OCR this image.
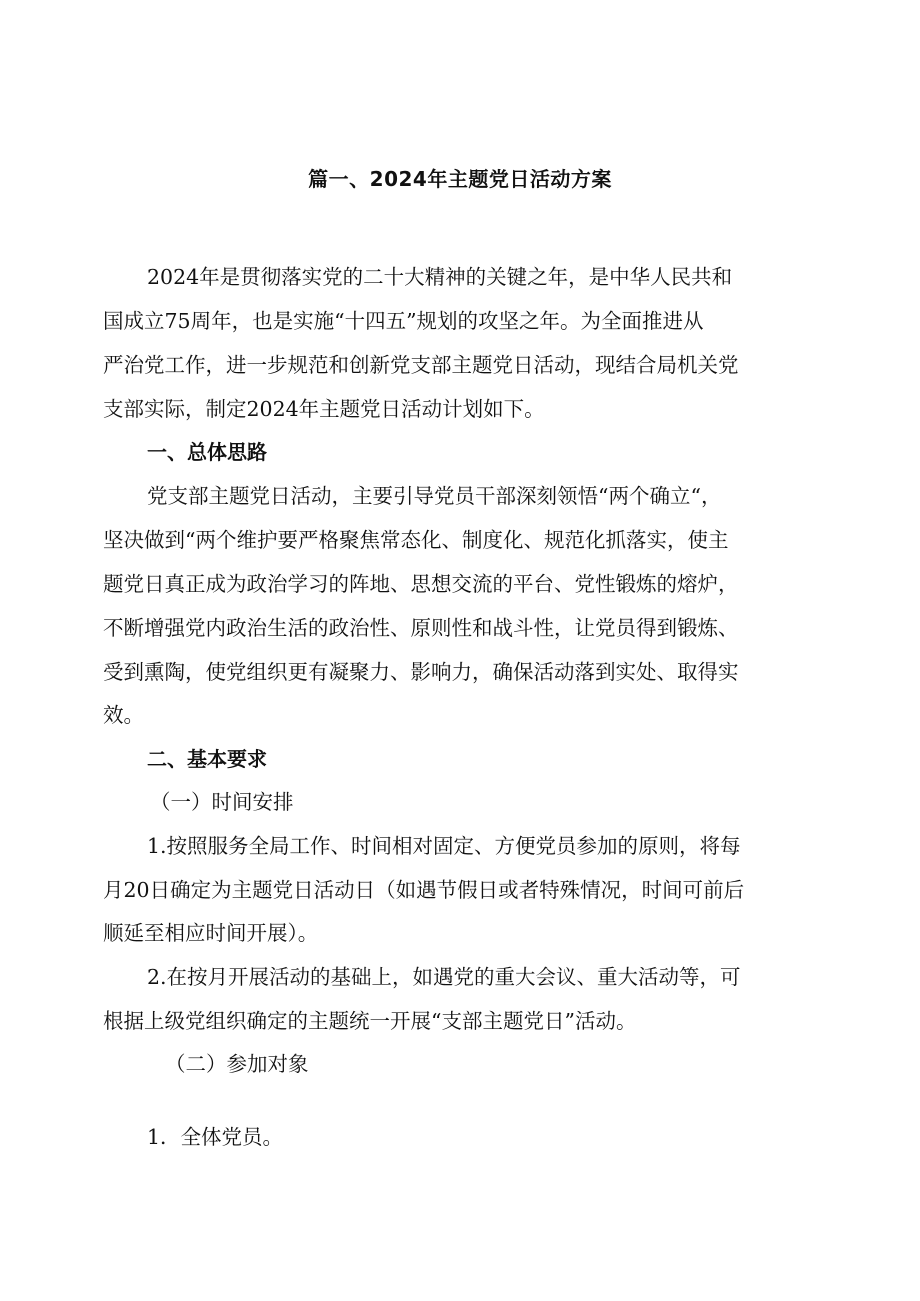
篇一、2024年主题党日活动方案
2024年是贯彻落实党的二十大精神的关键之年，是中华人民共和
国成立75周年，也是实施“十四五”规划的攻坚之年。为全面推进从
严治党工作，进一步规范和创新党支部主题党日活动，现结合局机关党
支部实际，制定2024年主题党日活动计划如下。
一、总体思路
党支部主题党日活动，主要引导党员干部深刻领悟“两个确立“，
坚决做到“两个维护要严格聚焦常态化、制度化、规范化抓落实，使主
题党日真正成为政治学习的阵地、思想交流的平台、党性锻炼的熔炉，
不断增强党内政治生活的政治性、原则性和战斗性，让党员得到锻炼、
受到熏陶，使党组织更有凝聚力、影响力，确保活动落到实处、取得实
效。
二、基本要求
（一）时间安排
1.按照服务全局工作、时间相对固定、方便党员参加的原则，将每
月20日确定为主题党日活动日（如遇节假日或者特殊情况，时间可前后
顺延至相应时间开展）。
2.在按月开展活动的基础上，如遇党的重大会议、重大活动等，可
根据上级党组织确定的主题统一开展“支部主题党日”活动。
（二）参加对象
1．全体党员。
